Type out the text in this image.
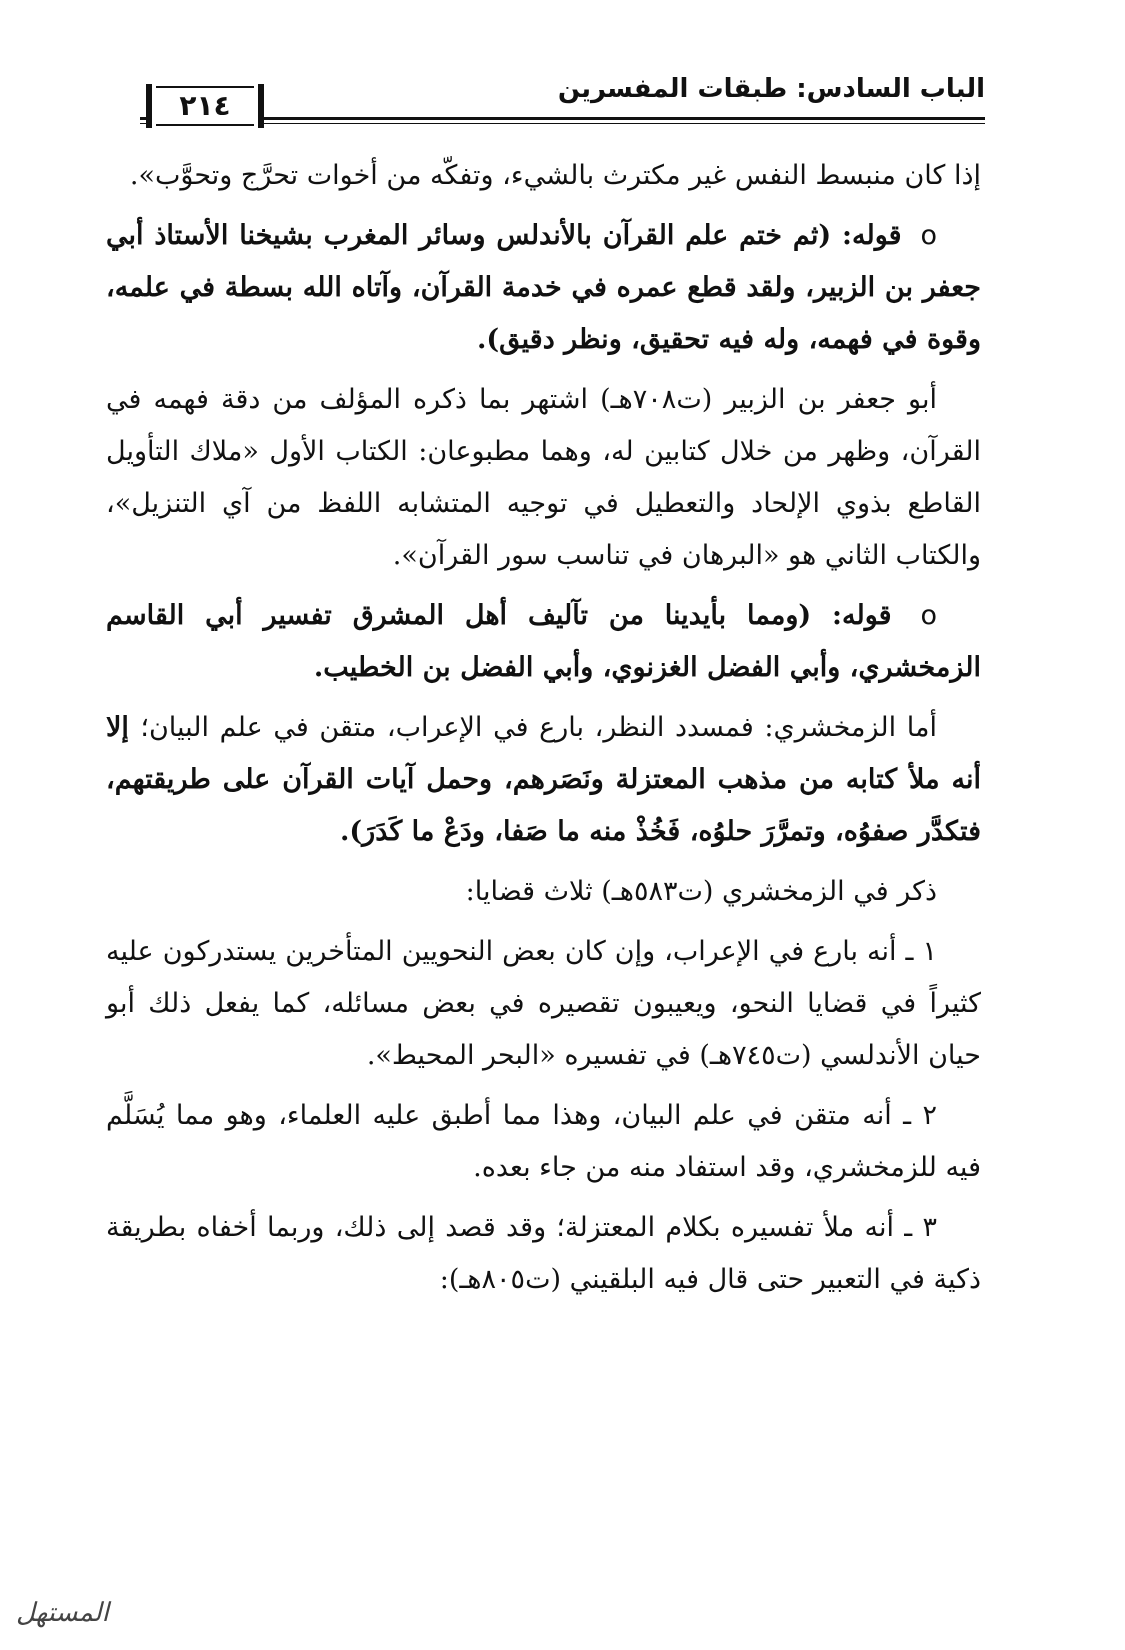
الباب السادس: طبقات المفسرين
٢١٤

إذا كان منبسط النفس غير مكترث بالشيء، وتفكّه من أخوات تحرَّج وتحوَّب».

o قوله: (ثم ختم علم القرآن بالأندلس وسائر المغرب بشيخنا الأستاذ أبي جعفر بن الزبير، ولقد قطع عمره في خدمة القرآن، وآتاه الله بسطة في علمه، وقوة في فهمه، وله فيه تحقيق، ونظر دقيق).

أبو جعفر بن الزبير (ت٧٠٨هـ) اشتهر بما ذكره المؤلف من دقة فهمه في القرآن، وظهر من خلال كتابين له، وهما مطبوعان: الكتاب الأول «ملاك التأويل القاطع بذوي الإلحاد والتعطيل في توجيه المتشابه اللفظ من آي التنزيل»، والكتاب الثاني هو «البرهان في تناسب سور القرآن».

o قوله: (ومما بأيدينا من تآليف أهل المشرق تفسير أبي القاسم الزمخشري، وأبي الفضل الغزنوي، وأبي الفضل بن الخطيب.

أما الزمخشري: فمسدد النظر، بارع في الإعراب، متقن في علم البيان؛ إلا أنه ملأ كتابه من مذهب المعتزلة ونَصَرهم، وحمل آيات القرآن على طريقتهم، فتكدَّر صفوُه، وتمرَّرَ حلوُه، فَخُذْ منه ما صَفا، ودَعْ ما كَدَرَ).

ذكر في الزمخشري (ت٥٨٣هـ) ثلاث قضايا:

١ ـ أنه بارع في الإعراب، وإن كان بعض النحويين المتأخرين يستدركون عليه كثيراً في قضايا النحو، ويعيبون تقصيره في بعض مسائله، كما يفعل ذلك أبو حيان الأندلسي (ت٧٤٥هـ) في تفسيره «البحر المحيط».

٢ ـ أنه متقن في علم البيان، وهذا مما أطبق عليه العلماء، وهو مما يُسَلَّم فيه للزمخشري، وقد استفاد منه من جاء بعده.

٣ ـ أنه ملأ تفسيره بكلام المعتزلة؛ وقد قصد إلى ذلك، وربما أخفاه بطريقة ذكية في التعبير حتى قال فيه البلقيني (ت٨٠٥هـ):

المستهل
